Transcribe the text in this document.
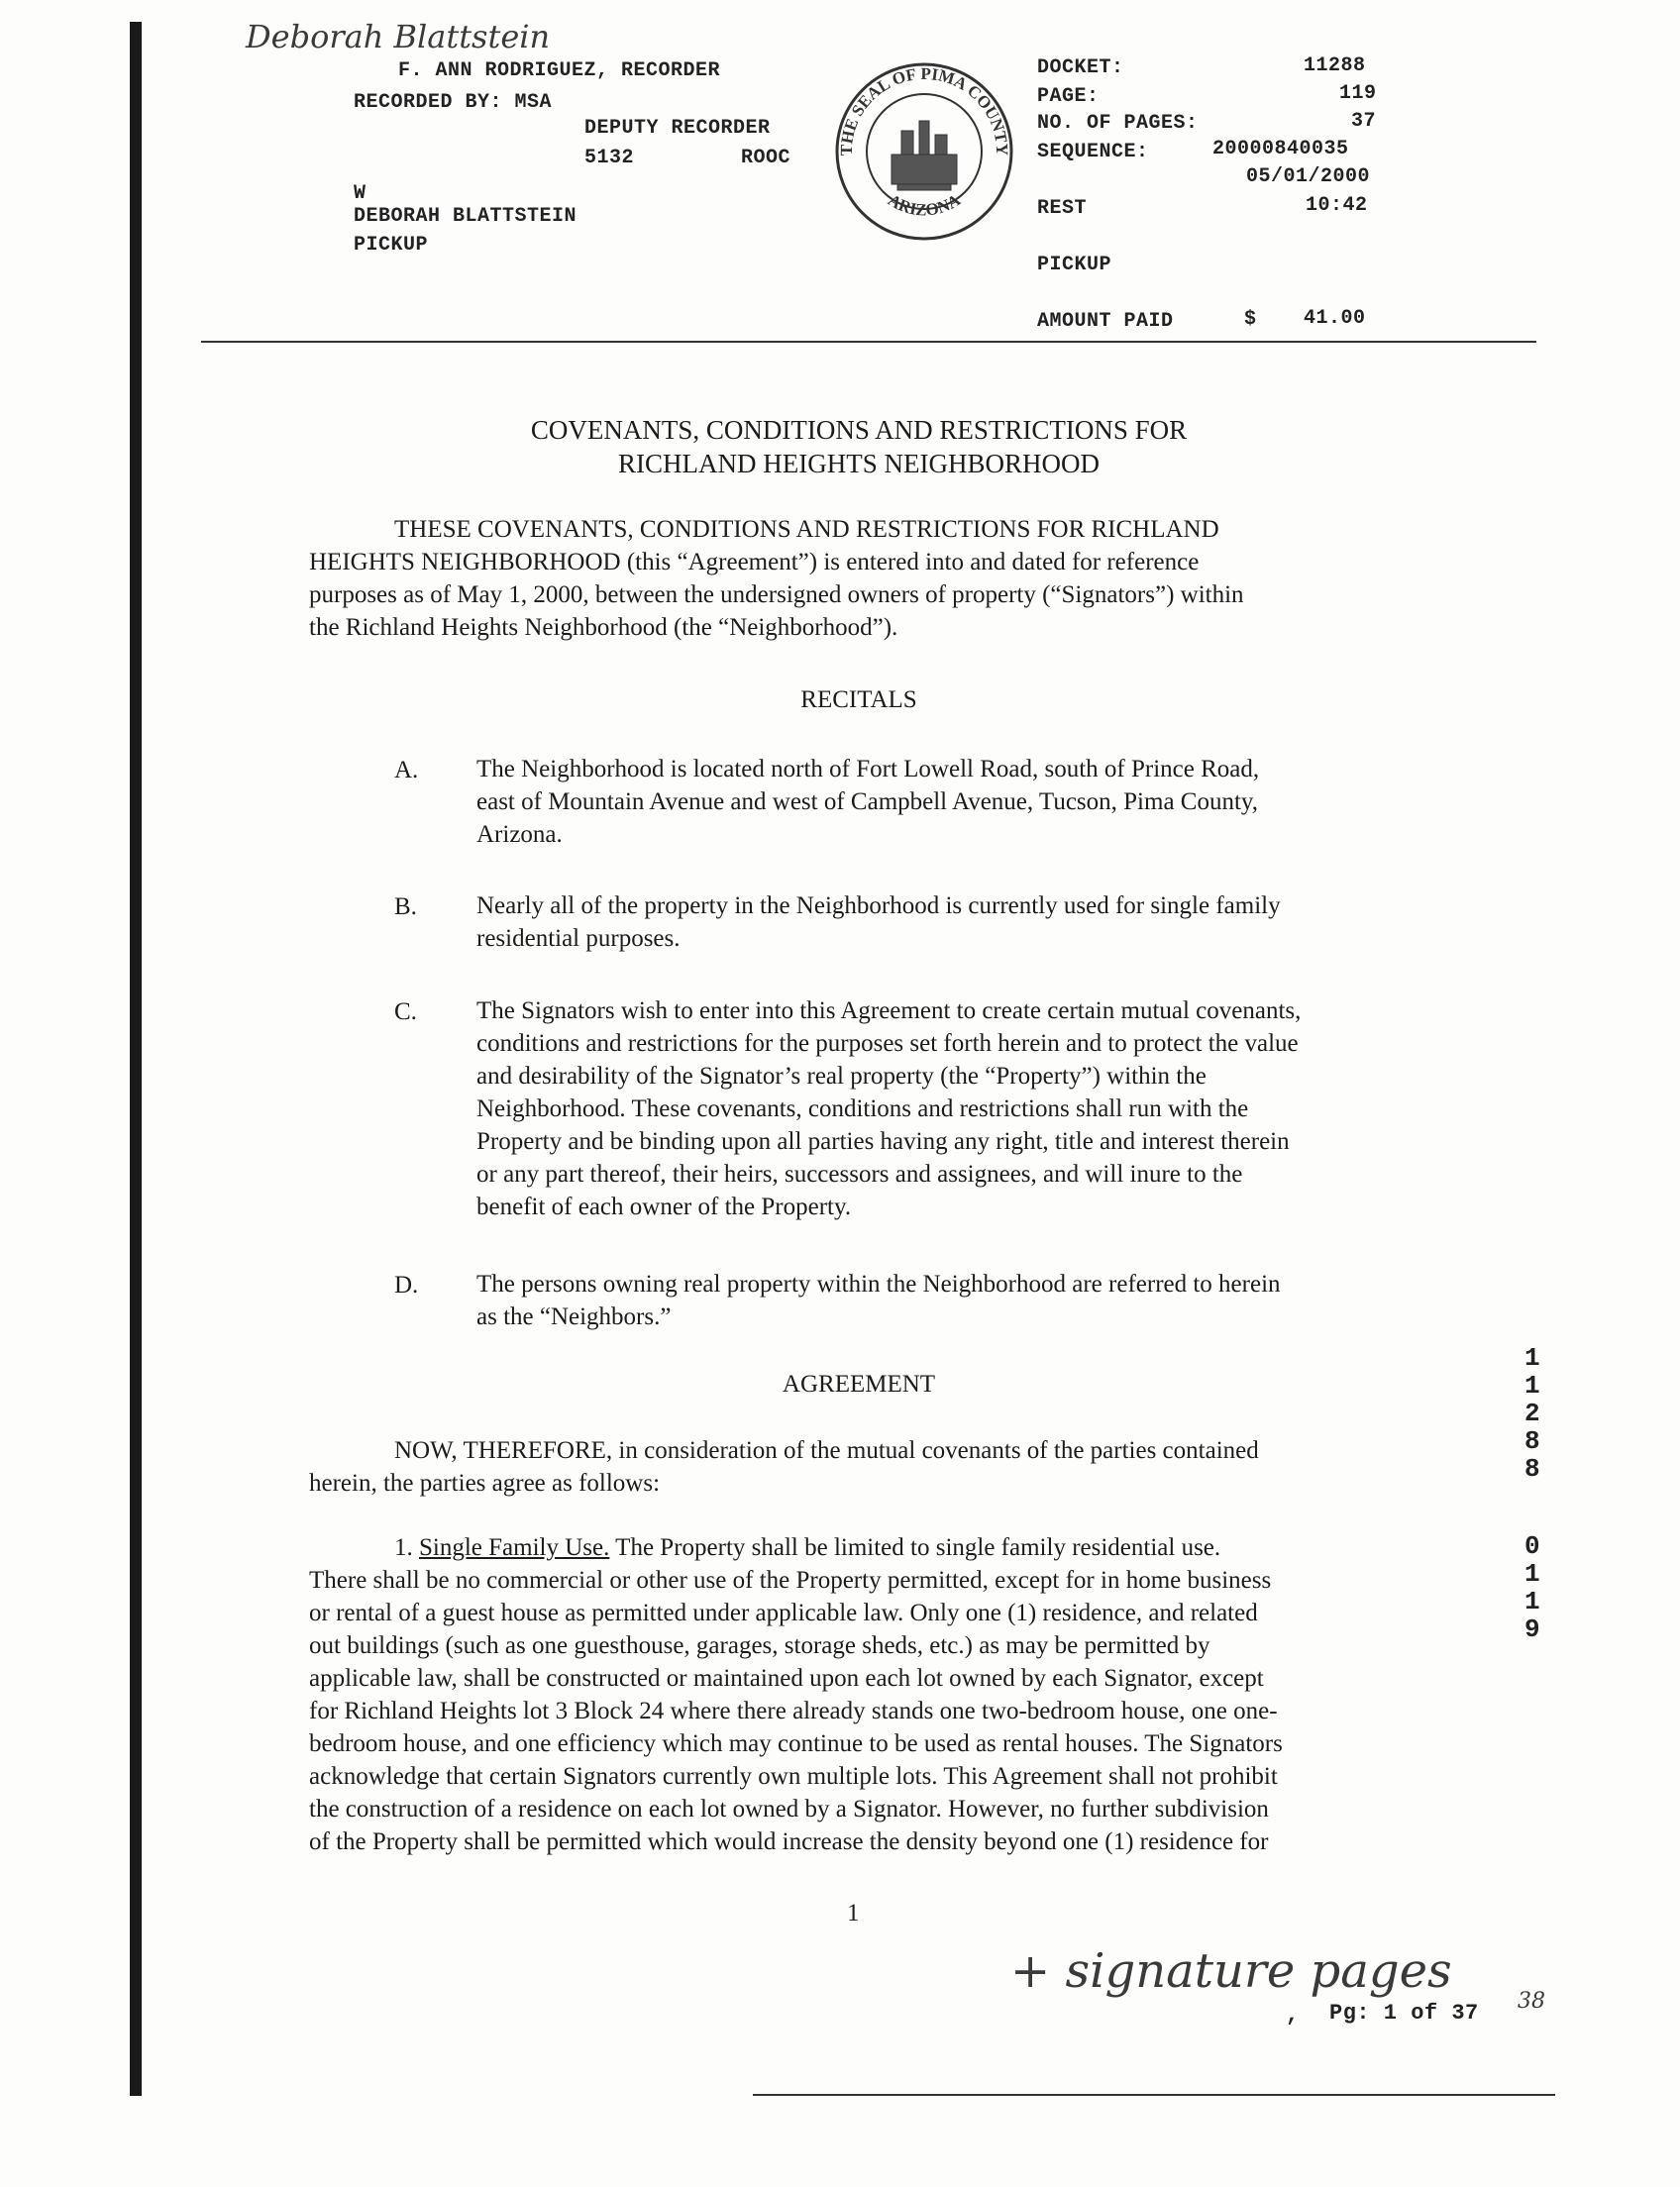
Deborah Blattstein
F. ANN RODRIGUEZ, RECORDER
RECORDED BY: MSA
DEPUTY RECORDER
5132	ROOC
W
DEBORAH BLATTSTEIN
PICKUP
THE SEAL OF PIMA COUNTY
ARIZONA
DOCKET:	11288
PAGE:	119
NO. OF PAGES:	37
SEQUENCE:	20000840035
05/01/2000
REST	10:42
PICKUP
AMOUNT PAID	$ 41.00
COVENANTS, CONDITIONS AND RESTRICTIONS FOR
RICHLAND HEIGHTS NEIGHBORHOOD
THESE COVENANTS, CONDITIONS AND RESTRICTIONS FOR RICHLAND
HEIGHTS NEIGHBORHOOD (this “Agreement”) is entered into and dated for reference
purposes as of May 1, 2000, between the undersigned owners of property (“Signators”) within
the Richland Heights Neighborhood (the “Neighborhood”).
RECITALS
A. The Neighborhood is located north of Fort Lowell Road, south of Prince Road,
east of Mountain Avenue and west of Campbell Avenue, Tucson, Pima County,
Arizona.
B. Nearly all of the property in the Neighborhood is currently used for single family
residential purposes.
C. The Signators wish to enter into this Agreement to create certain mutual covenants,
conditions and restrictions for the purposes set forth herein and to protect the value
and desirability of the Signator’s real property (the “Property”) within the
Neighborhood. These covenants, conditions and restrictions shall run with the
Property and be binding upon all parties having any right, title and interest therein
or any part thereof, their heirs, successors and assignees, and will inure to the
benefit of each owner of the Property.
D. The persons owning real property within the Neighborhood are referred to herein
as the “Neighbors.”
AGREEMENT
NOW, THEREFORE, in consideration of the mutual covenants of the parties contained
herein, the parties agree as follows:
1. Single Family Use. The Property shall be limited to single family residential use.
There shall be no commercial or other use of the Property permitted, except for in home business
or rental of a guest house as permitted under applicable law. Only one (1) residence, and related
out buildings (such as one guesthouse, garages, storage sheds, etc.) as may be permitted by
applicable law, shall be constructed or maintained upon each lot owned by each Signator, except
for Richland Heights lot 3 Block 24 where there already stands one two-bedroom house, one one-
bedroom house, and one efficiency which may continue to be used as rental houses. The Signators
acknowledge that certain Signators currently own multiple lots. This Agreement shall not prohibit
the construction of a residence on each lot owned by a Signator. However, no further subdivision
of the Property shall be permitted which would increase the density beyond one (1) residence for
1
1
2
8
8
0
1
1
9
1
+ signature pages
, Pg: 1 of 37 38
